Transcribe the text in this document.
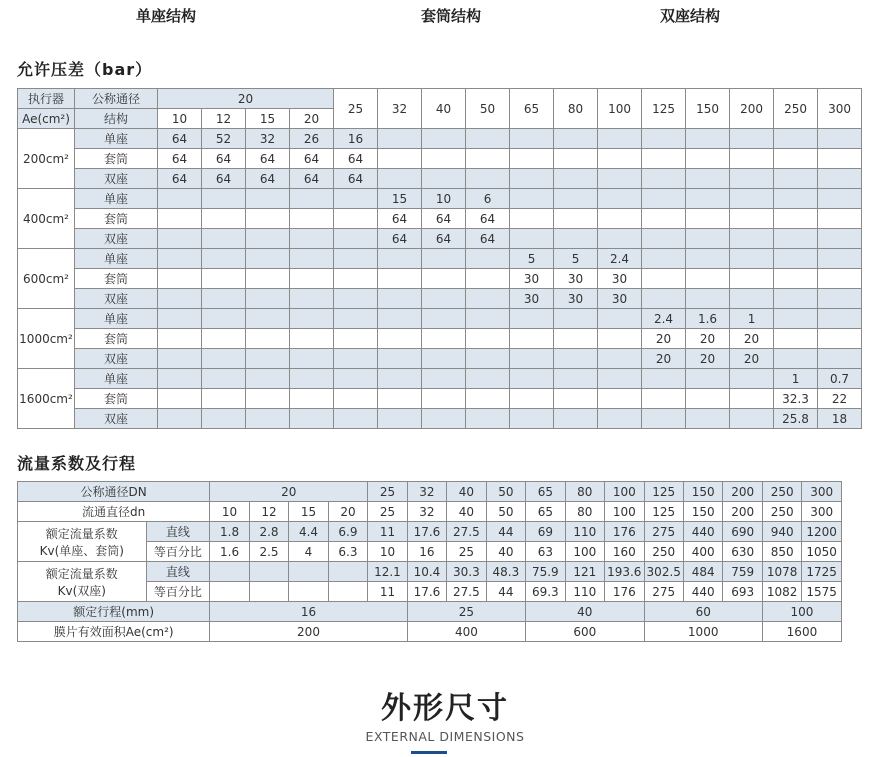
单座结构	套筒结构	双座结构
允许压差（bar）
执行器	公称通径	20				25	32	40	50	65	80	100	125	150	200	250	300
Ae(cm²)	结构	10	12	15	20												
200cm²	单座	64	52	32	26	16											
	套筒	64	64	64	64	64											
	双座	64	64	64	64	64											
400cm²	单座						15	10	6								
	套筒						64	64	64								
	双座						64	64	64								
600cm²	单座									5	5	2.4					
	套筒									30	30	30					
	双座									30	30	30					
1000cm²	单座												2.4	1.6	1		
	套筒												20	20	20		
	双座												20	20	20		
1600cm²	单座															1	0.7
	套筒															32.3	22
	双座															25.8	18
流量系数及行程
公称通径DN		20				25	32	40	50	65	80	100	125	150	200	250	300
流通直径dn		10	12	15	20	25	32	40	50	65	80	100	125	150	200	250	300

额定流量系数
Kv(单座、套筒)	直线	1.8	2.8	4.4	6.9	11	17.6	27.5	44	69	110	176	275	440	690	940	1200
	等百分比	1.6	2.5	4	6.3	10	16	25	40	63	100	160	250	400	630	850	1050

额定流量系数
Kv(双座)	直线					12.1	10.4	30.3	48.3	75.9	121	193.6	302.5	484	759	1078	1725
	等百分比					11	17.6	27.5	44	69.3	110	176	275	440	693	1082	1575
额定行程(mm)		16					25			40			60			100	
膜片有效面积Ae(cm²)		200					400			600			1000			1600	
外形尺寸
EXTERNAL DIMENSIONS
